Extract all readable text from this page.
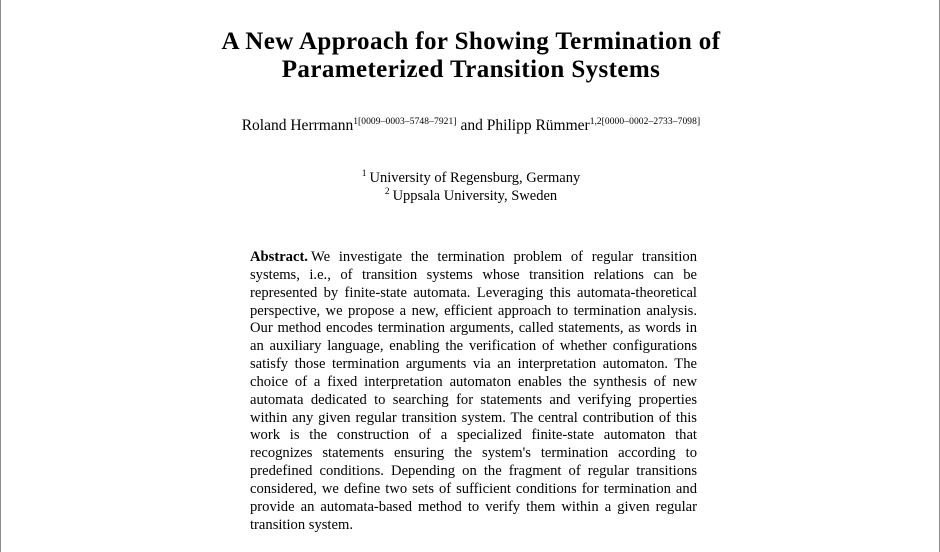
A New Approach for Showing Termination of Parameterized Transition Systems
Roland Herrmann$^{1[0009-0003-5748-7921]}$ and Philipp Rümmer$^{1,2[0000-0002-2733-7098]}$
$^1$ University of Regensburg, Germany
$^2$ Uppsala University, Sweden

Abstract. We investigate the termination problem of regular transition systems, i.e., of transition systems whose transition relations can be represented by finite-state automata. Leveraging this automata-theoretical perspective, we propose a new, efficient approach to termination analysis. Our method encodes termination arguments, called statements, as words in an auxiliary language, enabling the verification of whether configurations satisfy those termination arguments via an interpretation automaton. The choice of a fixed interpretation automaton enables the synthesis of new automata dedicated to searching for statements and verifying properties within any given regular transition system. The central contribution of this work is the construction of a specialized finite-state automaton that recognizes statements ensuring the system's termination according to predefined conditions. Depending on the fragment of regular transitions considered, we define two sets of sufficient conditions for termination and provide an automata-based method to verify them within a given regular transition system.
